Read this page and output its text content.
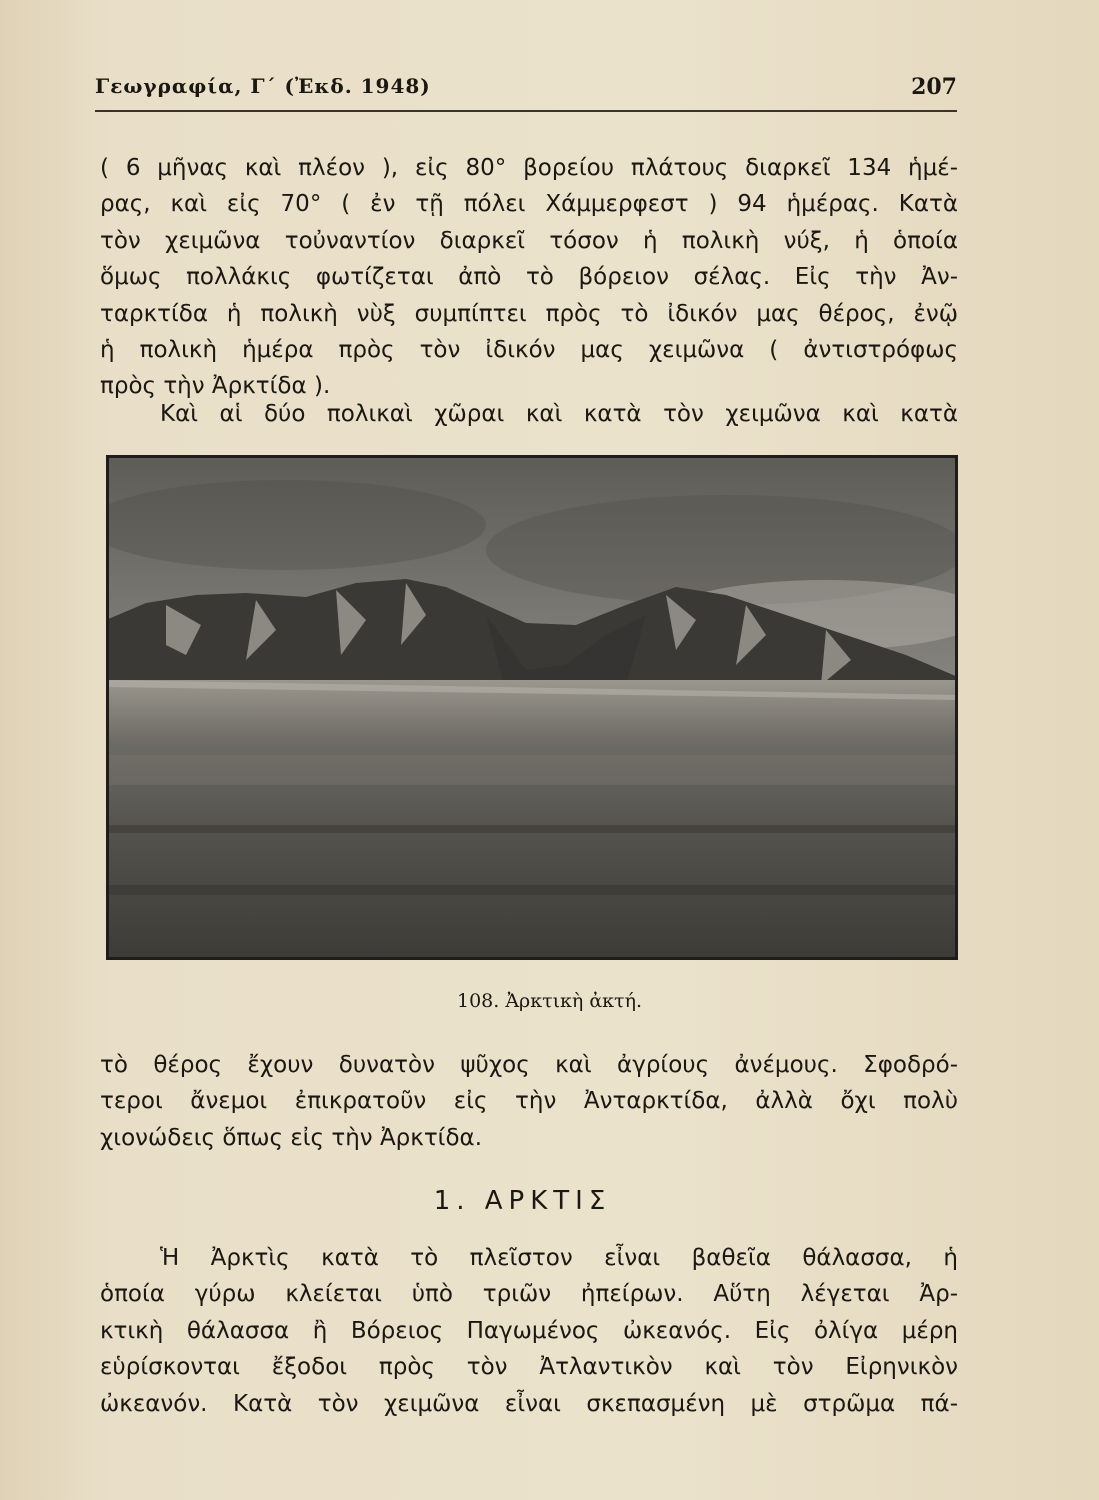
Γεωγραφία, Γ΄ (Ἐκδ. 1948)	207
( 6 μῆνας καὶ πλέον ), εἰς 80° βορείου πλάτους διαρκεῖ 134 ἡμέ-
ρας, καὶ εἰς 70° ( ἐν τῇ πόλει Χάμμερφεστ ) 94 ἡμέρας. Κατὰ
τὸν χειμῶνα τοὐναντίον διαρκεῖ τόσον ἡ πολικὴ νύξ, ἡ ὁποία
ὅμως πολλάκις φωτίζεται ἀπὸ τὸ βόρειον σέλας. Εἰς τὴν Ἀν-
ταρκτίδα ἡ πολικὴ νὺξ συμπίπτει πρὸς τὸ ἰδικόν μας θέρος, ἐνῷ
ἡ πολικὴ ἡμέρα πρὸς τὸν ἰδικόν μας χειμῶνα ( ἀντιστρόφως
πρὸς τὴν Ἀρκτίδα ).
Καὶ αἱ δύο πολικαὶ χῶραι καὶ κατὰ τὸν χειμῶνα καὶ κατὰ
108. Ἀρκτικὴ ἀκτή.
τὸ θέρος ἔχουν δυνατὸν ψῦχος καὶ ἀγρίους ἀνέμους. Σφοδρό-
τεροι ἄνεμοι ἐπικρατοῦν εἰς τὴν Ἀνταρκτίδα, ἀλλὰ ὄχι πολὺ
χιονώδεις ὅπως εἰς τὴν Ἀρκτίδα.
1. ΑΡΚΤΙΣ
Ἡ Ἀρκτὶς κατὰ τὸ πλεῖστον εἶναι βαθεῖα θάλασσα, ἡ
ὁποία γύρω κλείεται ὑπὸ τριῶν ἠπείρων. Αὕτη λέγεται Ἀρ-
κτικὴ θάλασσα ἢ Βόρειος Παγωμένος ὠκεανός. Εἰς ὀλίγα μέρη
εὑρίσκονται ἔξοδοι πρὸς τὸν Ἀτλαντικὸν καὶ τὸν Εἰρηνικὸν
ὠκεανόν. Κατὰ τὸν χειμῶνα εἶναι σκεπασμένη μὲ στρῶμα πά-
